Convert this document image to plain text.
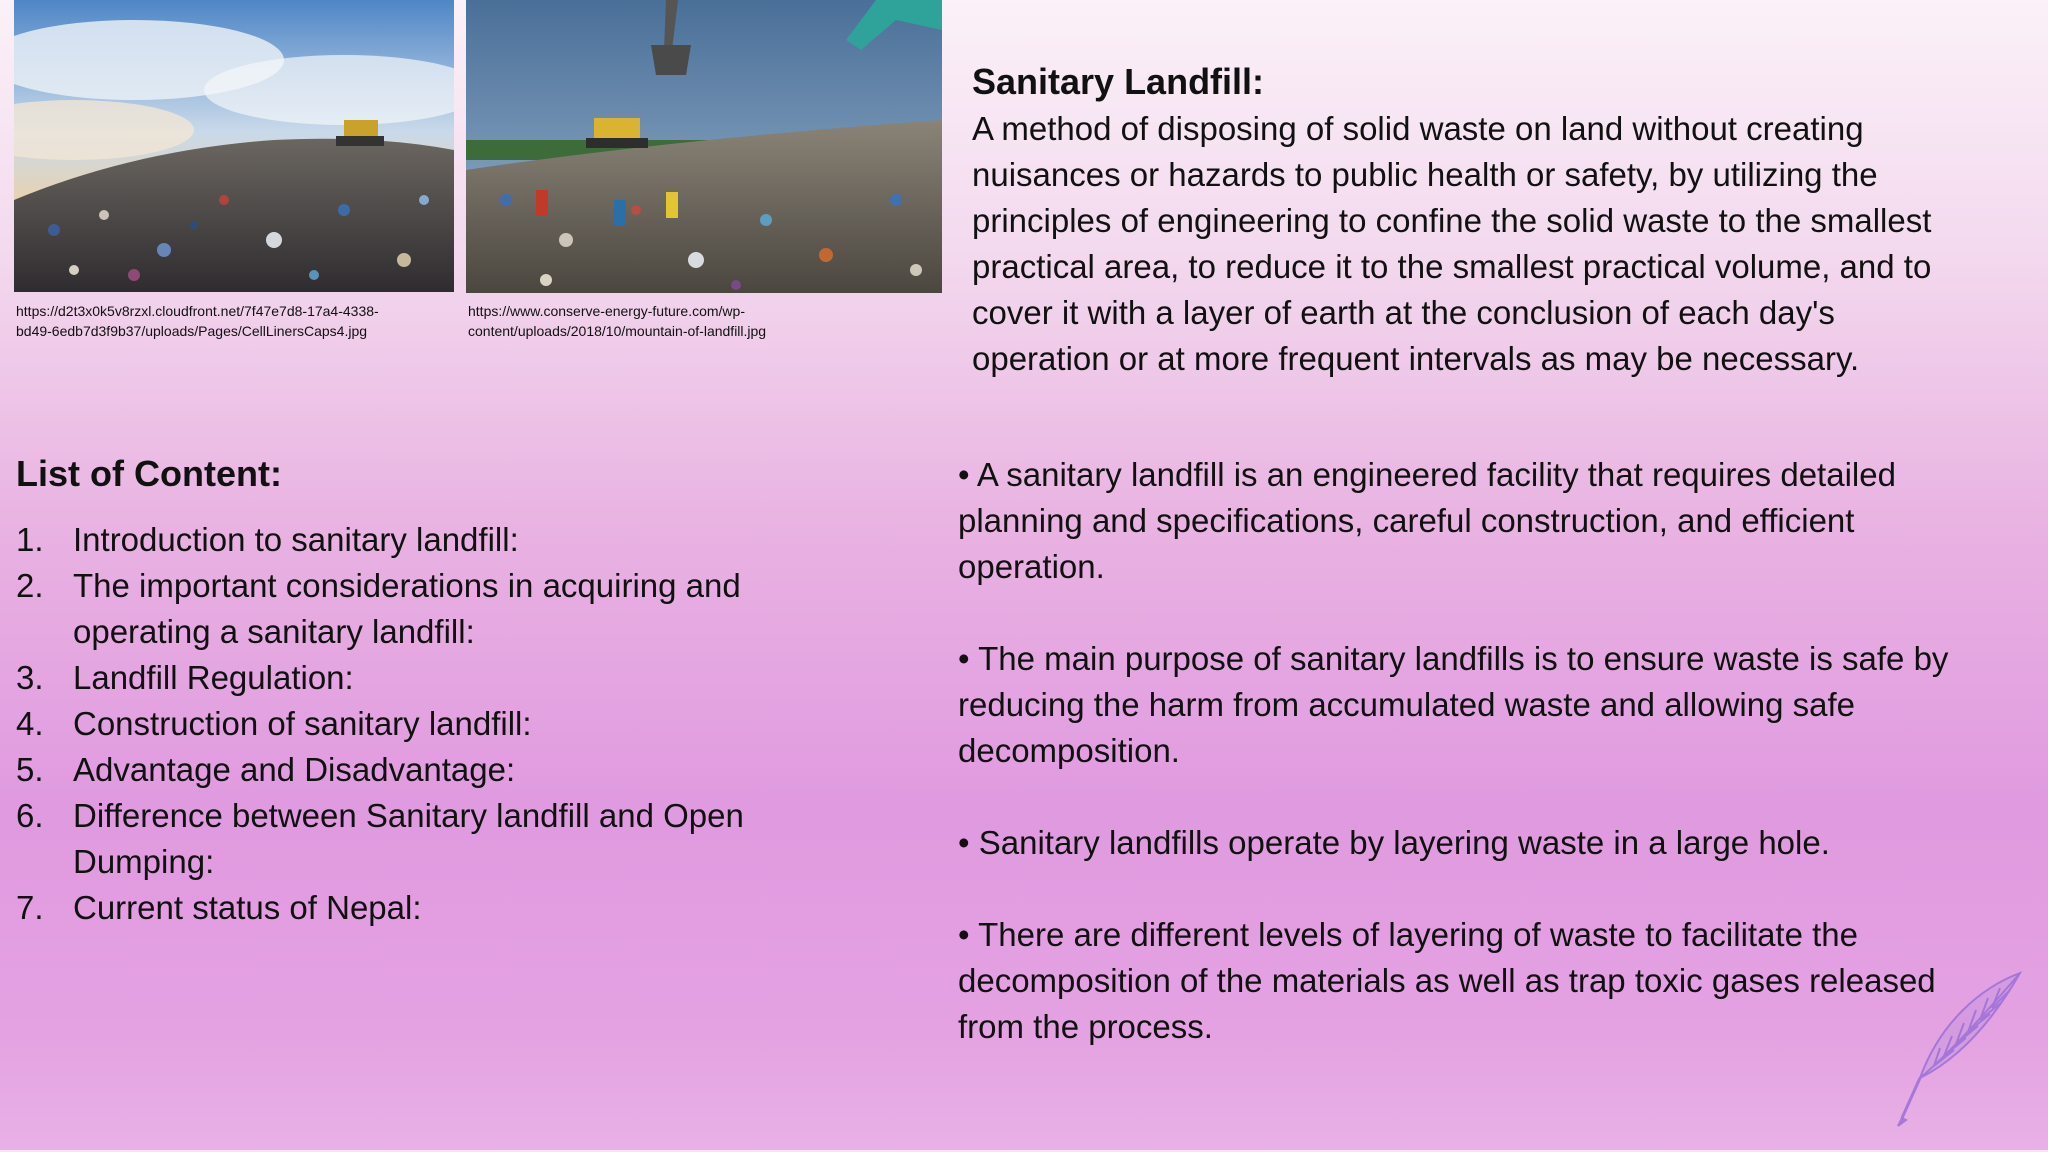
https://d2t3x0k5v8rzxl.cloudfront.net/7f47e7d8-17a4-4338-
bd49-6edb7d3f9b37/uploads/Pages/CellLinersCaps4.jpg
https://www.conserve-energy-future.com/wp-
content/uploads/2018/10/mountain-of-landfill.jpg
Sanitary Landfill:
A method of disposing of solid waste on land without creating nuisances or hazards to public health or safety, by utilizing the principles of engineering to confine the solid waste to the smallest practical area, to reduce it to the smallest practical volume, and to cover it with a layer of earth at the conclusion of each day's operation or at more frequent intervals as may be necessary.
List of Content:
1. Introduction to sanitary landfill:
2. The important considerations in acquiring and operating a sanitary landfill:
3. Landfill Regulation:
4. Construction of sanitary landfill:
5. Advantage and Disadvantage:
6. Difference between Sanitary landfill and Open Dumping:
7. Current status of Nepal:

• A sanitary landfill is an engineered facility that requires detailed planning and specifications, careful construction, and efficient operation.

• The main purpose of sanitary landfills is to ensure waste is safe by reducing the harm from accumulated waste and allowing safe decomposition.

• Sanitary landfills operate by layering waste in a large hole.

• There are different levels of layering of waste to facilitate the decomposition of the materials as well as trap toxic gases released from the process.
